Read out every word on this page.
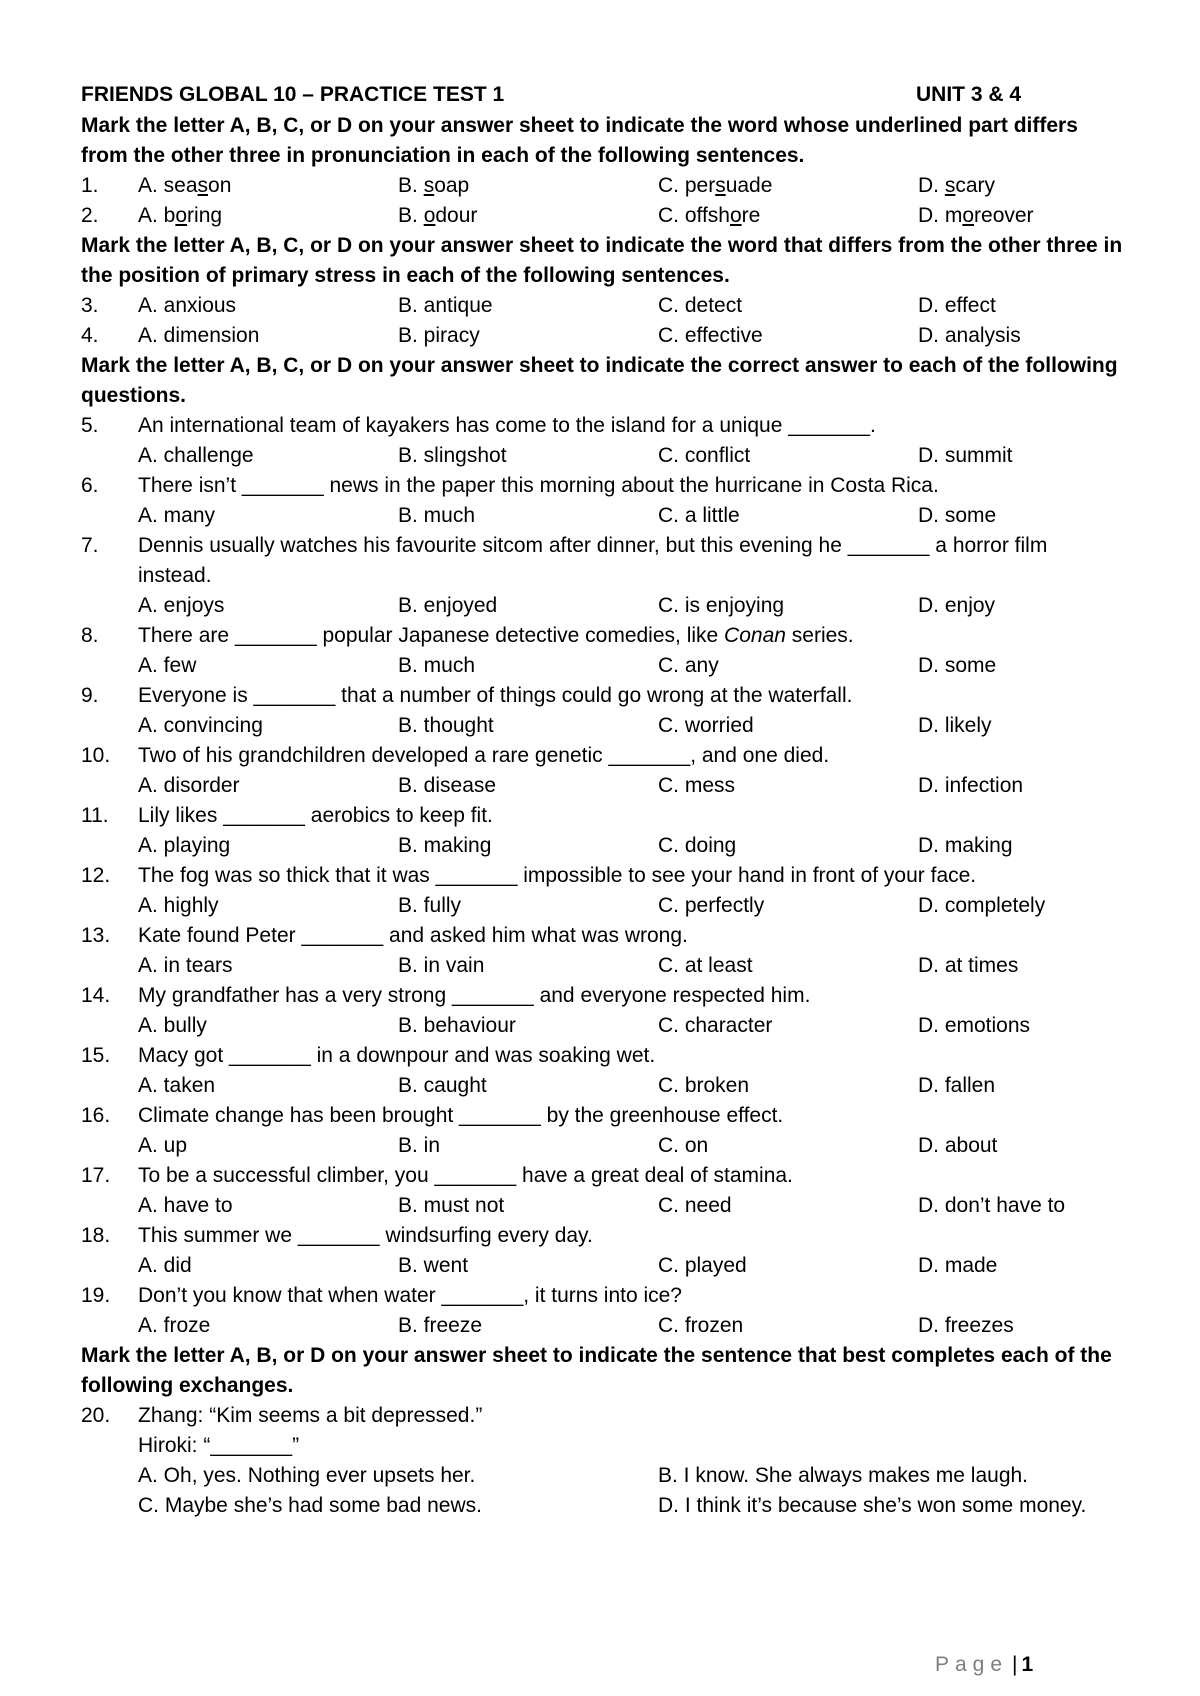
FRIENDS GLOBAL 10 – PRACTICE TEST 1	UNIT 3 & 4
Mark the letter A, B, C, or D on your answer sheet to indicate the word whose underlined part differs from the other three in pronunciation in each of the following sentences.
1.	A. season	B. soap	C. persuade	D. scary
2.	A. boring	B. odour	C. offshore	D. moreover
Mark the letter A, B, C, or D on your answer sheet to indicate the word that differs from the other three in the position of primary stress in each of the following sentences.
3.	A. anxious	B. antique	C. detect	D. effect
4.	A. dimension	B. piracy	C. effective	D. analysis
Mark the letter A, B, C, or D on your answer sheet to indicate the correct answer to each of the following questions.
5.	An international team of kayakers has come to the island for a unique _______.
A. challenge	B. slingshot	C. conflict	D. summit
6.	There isn’t _______ news in the paper this morning about the hurricane in Costa Rica.
A. many	B. much	C. a little	D. some
7.	Dennis usually watches his favourite sitcom after dinner, but this evening he _______ a horror film instead.
A. enjoys	B. enjoyed	C. is enjoying	D. enjoy
8.	There are _______ popular Japanese detective comedies, like Conan series.
A. few	B. much	C. any	D. some
9.	Everyone is _______ that a number of things could go wrong at the waterfall.
A. convincing	B. thought	C. worried	D. likely
10.	Two of his grandchildren developed a rare genetic _______, and one died.
A. disorder	B. disease	C. mess	D. infection
11.	Lily likes _______ aerobics to keep fit.
A. playing	B. making	C. doing	D. making
12.	The fog was so thick that it was _______ impossible to see your hand in front of your face.
A. highly	B. fully	C. perfectly	D. completely
13.	Kate found Peter _______ and asked him what was wrong.
A. in tears	B. in vain	C. at least	D. at times
14.	My grandfather has a very strong _______ and everyone respected him.
A. bully	B. behaviour	C. character	D. emotions
15.	Macy got _______ in a downpour and was soaking wet.
A. taken	B. caught	C. broken	D. fallen
16.	Climate change has been brought _______ by the greenhouse effect.
A. up	B. in	C. on	D. about
17.	To be a successful climber, you _______ have a great deal of stamina.
A. have to	B. must not	C. need	D. don’t have to
18.	This summer we _______ windsurfing every day.
A. did	B. went	C. played	D. made
19.	Don’t you know that when water _______, it turns into ice?
A. froze	B. freeze	C. frozen	D. freezes
Mark the letter A, B, or D on your answer sheet to indicate the sentence that best completes each of the following exchanges.
20.	Zhang: “Kim seems a bit depressed.”
Hiroki: “_______”
A. Oh, yes. Nothing ever upsets her.	B. I know. She always makes me laugh.
C. Maybe she’s had some bad news.	D. I think it’s because she’s won some money.
Page | 1
